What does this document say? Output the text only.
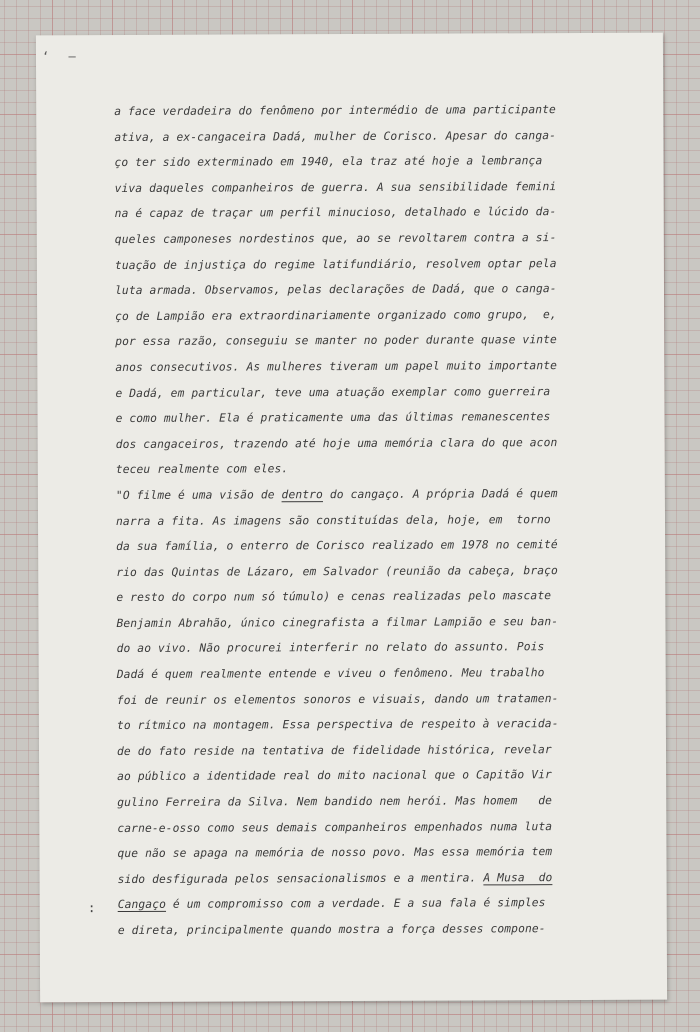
‘ ―
:
a face verdadeira do fenômeno por intermédio de uma participante
ativa, a ex-cangaceira Dadá, mulher de Corisco. Apesar do canga-
ço ter sido exterminado em 1940, ela traz até hoje a lembrança
viva daqueles companheiros de guerra. A sua sensibilidade femini
na é capaz de traçar um perfil minucioso, detalhado e lúcido da-
queles camponeses nordestinos que, ao se revoltarem contra a si-
tuação de injustiça do regime latifundiário, resolvem optar pela
luta armada. Observamos, pelas declarações de Dadá, que o canga-
ço de Lampião era extraordinariamente organizado como grupo,  e,
por essa razão, conseguiu se manter no poder durante quase vinte
anos consecutivos. As mulheres tiveram um papel muito importante
e Dadá, em particular, teve uma atuação exemplar como guerreira
e como mulher. Ela é praticamente uma das últimas remanescentes
dos cangaceiros, trazendo até hoje uma memória clara do que acon
teceu realmente com eles.
"O filme é uma visão de dentro do cangaço. A própria Dadá é quem
narra a fita. As imagens são constituídas dela, hoje, em  torno
da sua família, o enterro de Corisco realizado em 1978 no cemité
rio das Quintas de Lázaro, em Salvador (reunião da cabeça, braço
e resto do corpo num só túmulo) e cenas realizadas pelo mascate
Benjamin Abrahão, único cinegrafista a filmar Lampião e seu ban-
do ao vivo. Não procurei interferir no relato do assunto. Pois
Dadá é quem realmente entende e viveu o fenômeno. Meu trabalho
foi de reunir os elementos sonoros e visuais, dando um tratamen-
to rítmico na montagem. Essa perspectiva de respeito à veracida-
de do fato reside na tentativa de fidelidade histórica, revelar
ao público a identidade real do mito nacional que o Capitão Vir
gulino Ferreira da Silva. Nem bandido nem herói. Mas homem   de
carne-e-osso como seus demais companheiros empenhados numa luta
que não se apaga na memória de nosso povo. Mas essa memória tem
sido desfigurada pelos sensacionalismos e a mentira. A Musa  do
Cangaço é um compromisso com a verdade. E a sua fala é simples
e direta, principalmente quando mostra a força desses compone-
